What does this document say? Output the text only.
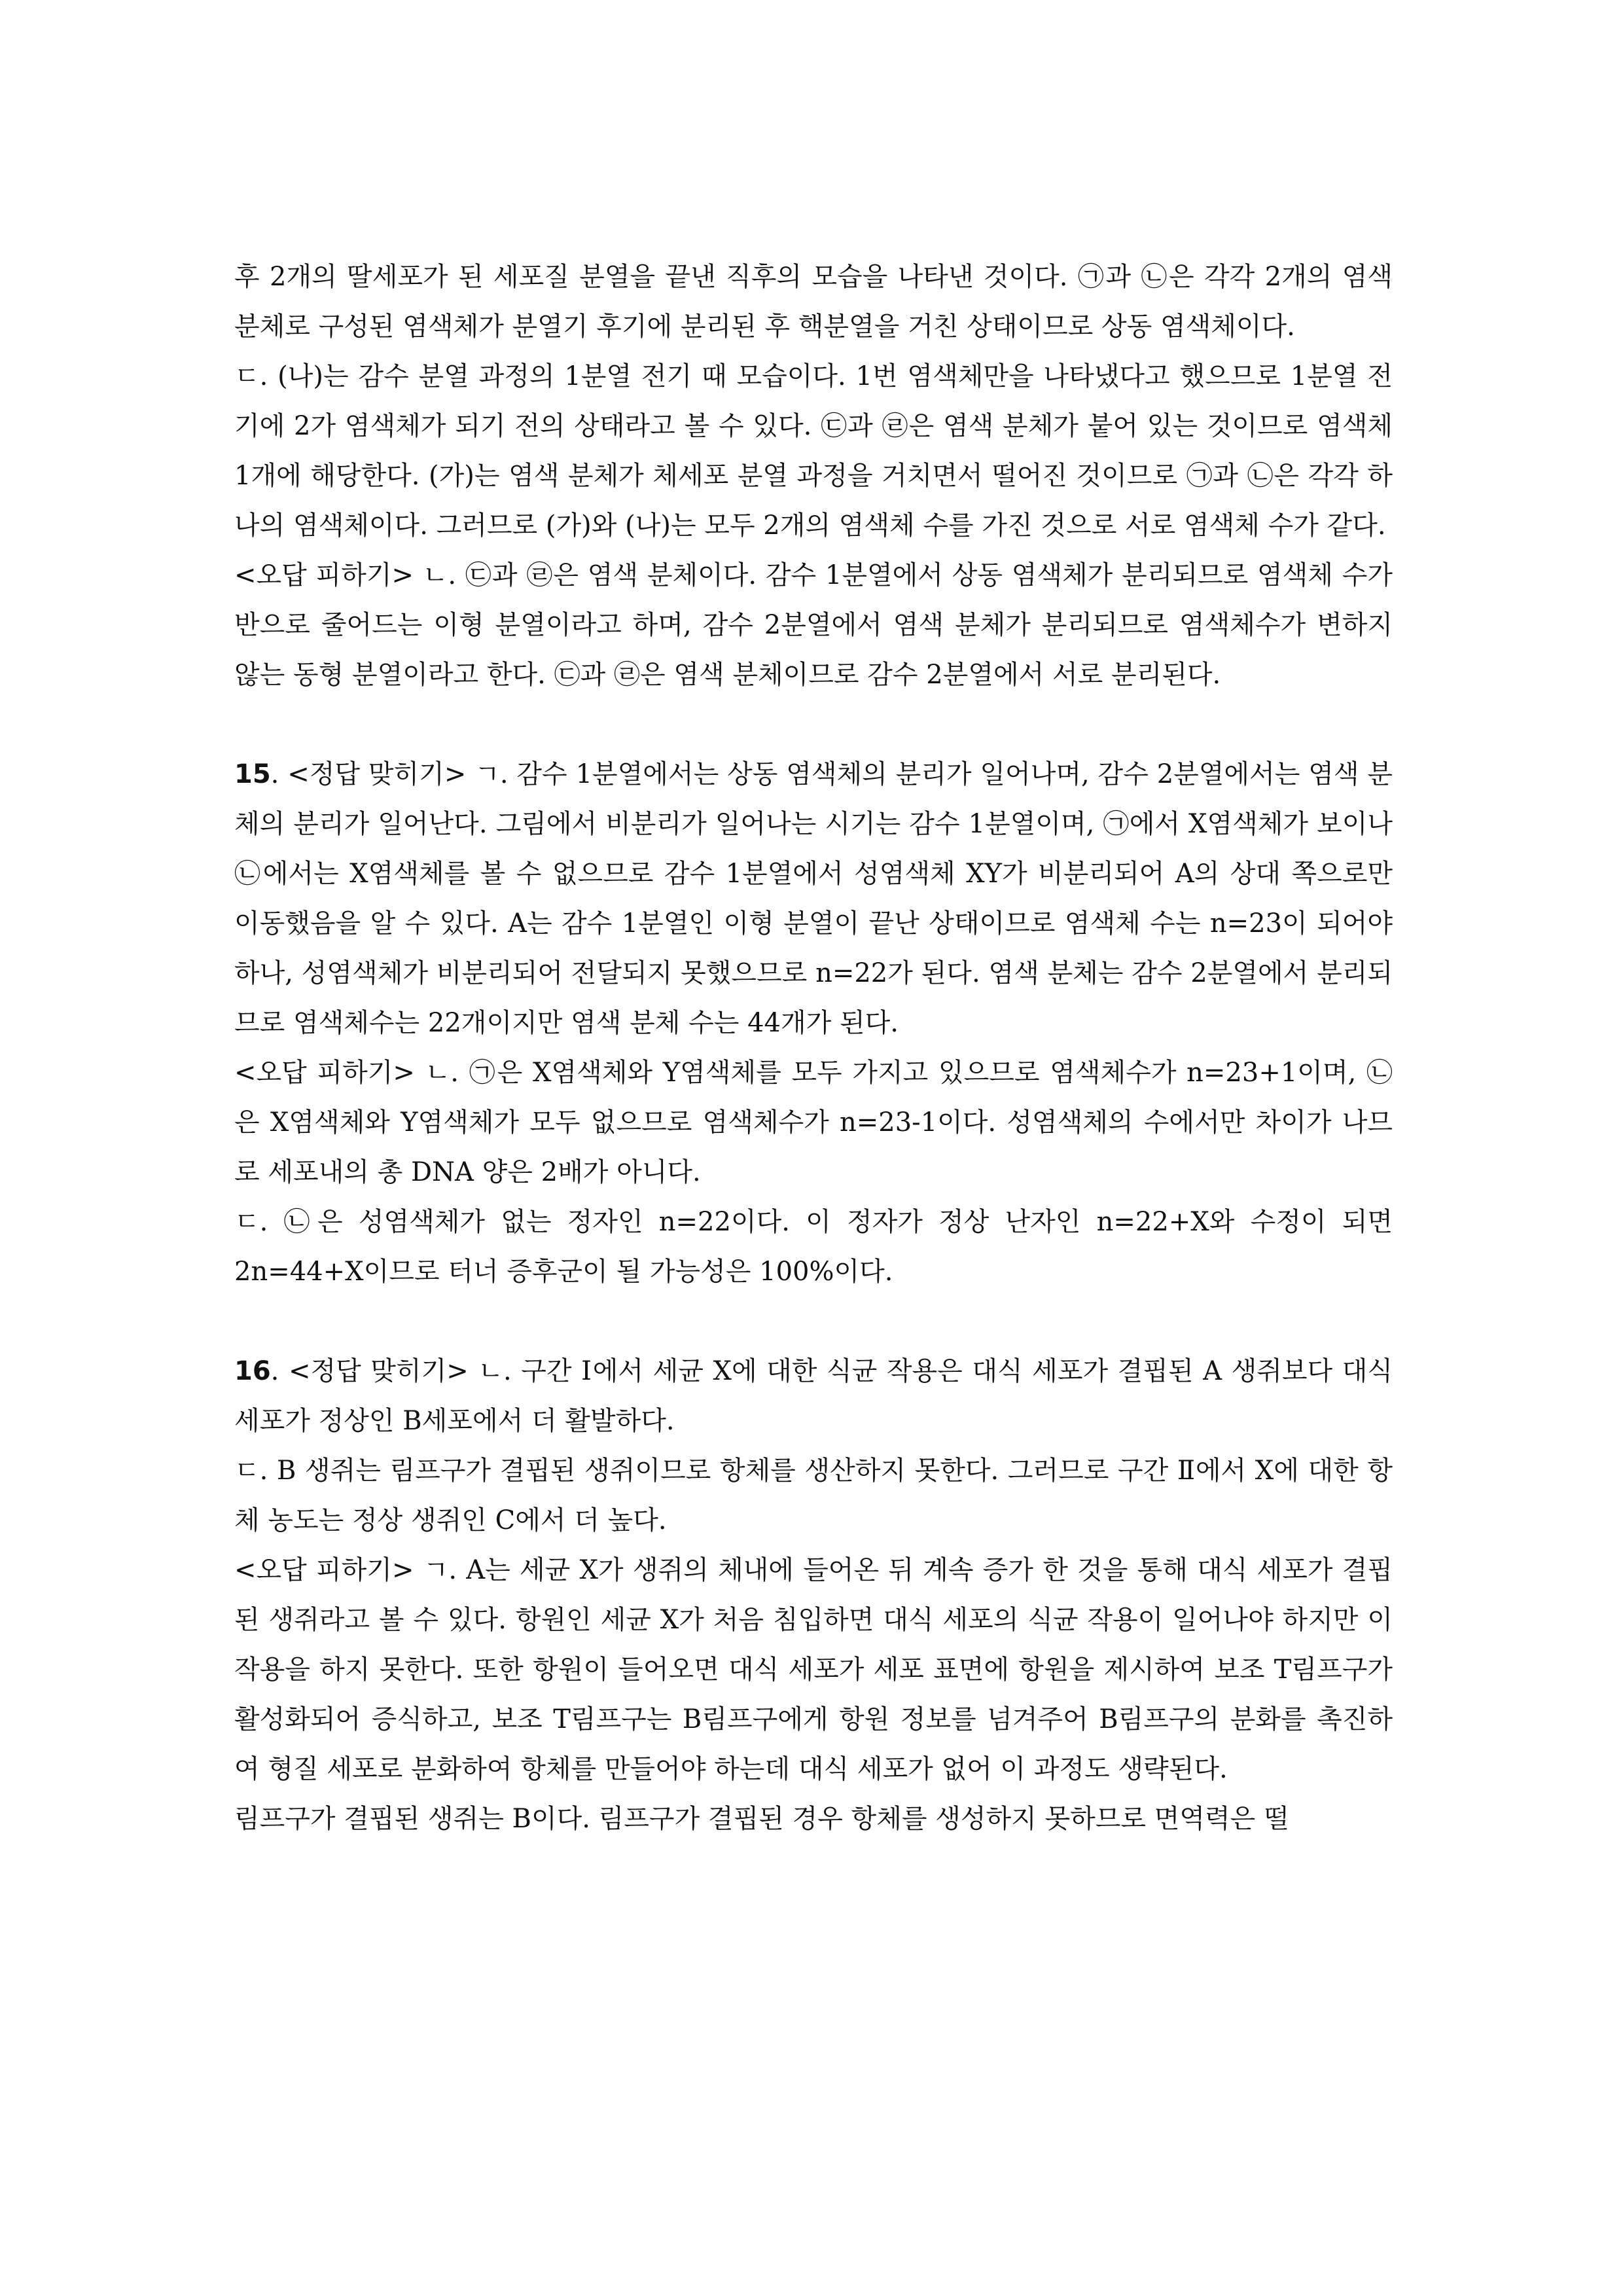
후 2개의 딸세포가 된 세포질 분열을 끝낸 직후의 모습을 나타낸 것이다. ㉠과 ㉡은 각각 2개의 염색 분체로 구성된 염색체가 분열기 후기에 분리된 후 핵분열을 거친 상태이므로 상동 염색체이다.

ㄷ. (나)는 감수 분열 과정의 1분열 전기 때 모습이다. 1번 염색체만을 나타냈다고 했으므로 1분열 전기에 2가 염색체가 되기 전의 상태라고 볼 수 있다. ㉢과 ㉣은 염색 분체가 붙어 있는 것이므로 염색체 1개에 해당한다. (가)는 염색 분체가 체세포 분열 과정을 거치면서 떨어진 것이므로 ㉠과 ㉡은 각각 하나의 염색체이다. 그러므로 (가)와 (나)는 모두 2개의 염색체 수를 가진 것으로 서로 염색체 수가 같다.

<오답 피하기> ㄴ. ㉢과 ㉣은 염색 분체이다. 감수 1분열에서 상동 염색체가 분리되므로 염색체 수가 반으로 줄어드는 이형 분열이라고 하며, 감수 2분열에서 염색 분체가 분리되므로 염색체수가 변하지 않는 동형 분열이라고 한다. ㉢과 ㉣은 염색 분체이므로 감수 2분열에서 서로 분리된다.

15. <정답 맞히기> ㄱ. 감수 1분열에서는 상동 염색체의 분리가 일어나며, 감수 2분열에서는 염색 분체의 분리가 일어난다. 그림에서 비분리가 일어나는 시기는 감수 1분열이며, ㉠에서 X염색체가 보이나 ㉡에서는 X염색체를 볼 수 없으므로 감수 1분열에서 성염색체 XY가 비분리되어 A의 상대 쪽으로만 이동했음을 알 수 있다. A는 감수 1분열인 이형 분열이 끝난 상태이므로 염색체 수는 n=23이 되어야 하나, 성염색체가 비분리되어 전달되지 못했으므로 n=22가 된다. 염색 분체는 감수 2분열에서 분리되므로 염색체수는 22개이지만 염색 분체 수는 44개가 된다.

<오답 피하기> ㄴ. ㉠은 X염색체와 Y염색체를 모두 가지고 있으므로 염색체수가 n=23+1이며, ㉡은 X염색체와 Y염색체가 모두 없으므로 염색체수가 n=23-1이다. 성염색체의 수에서만 차이가 나므로 세포내의 총 DNA 양은 2배가 아니다.

ㄷ. ㉡은 성염색체가 없는 정자인 n=22이다. 이 정자가 정상 난자인 n=22+X와 수정이 되면 2n=44+X이므로 터너 증후군이 될 가능성은 100%이다.

16. <정답 맞히기> ㄴ. 구간 Ⅰ에서 세균 X에 대한 식균 작용은 대식 세포가 결핍된 A 생쥐보다 대식 세포가 정상인 B세포에서 더 활발하다.

ㄷ. B 생쥐는 림프구가 결핍된 생쥐이므로 항체를 생산하지 못한다. 그러므로 구간 Ⅱ에서 X에 대한 항체 농도는 정상 생쥐인 C에서 더 높다.

<오답 피하기> ㄱ. A는 세균 X가 생쥐의 체내에 들어온 뒤 계속 증가 한 것을 통해 대식 세포가 결핍된 생쥐라고 볼 수 있다. 항원인 세균 X가 처음 침입하면 대식 세포의 식균 작용이 일어나야 하지만 이 작용을 하지 못한다. 또한 항원이 들어오면 대식 세포가 세포 표면에 항원을 제시하여 보조 T림프구가 활성화되어 증식하고, 보조 T림프구는 B림프구에게 항원 정보를 넘겨주어 B림프구의 분화를 촉진하여 형질 세포로 분화하여 항체를 만들어야 하는데 대식 세포가 없어 이 과정도 생략된다.

림프구가 결핍된 생쥐는 B이다. 림프구가 결핍된 경우 항체를 생성하지 못하므로 면역력은 떨
